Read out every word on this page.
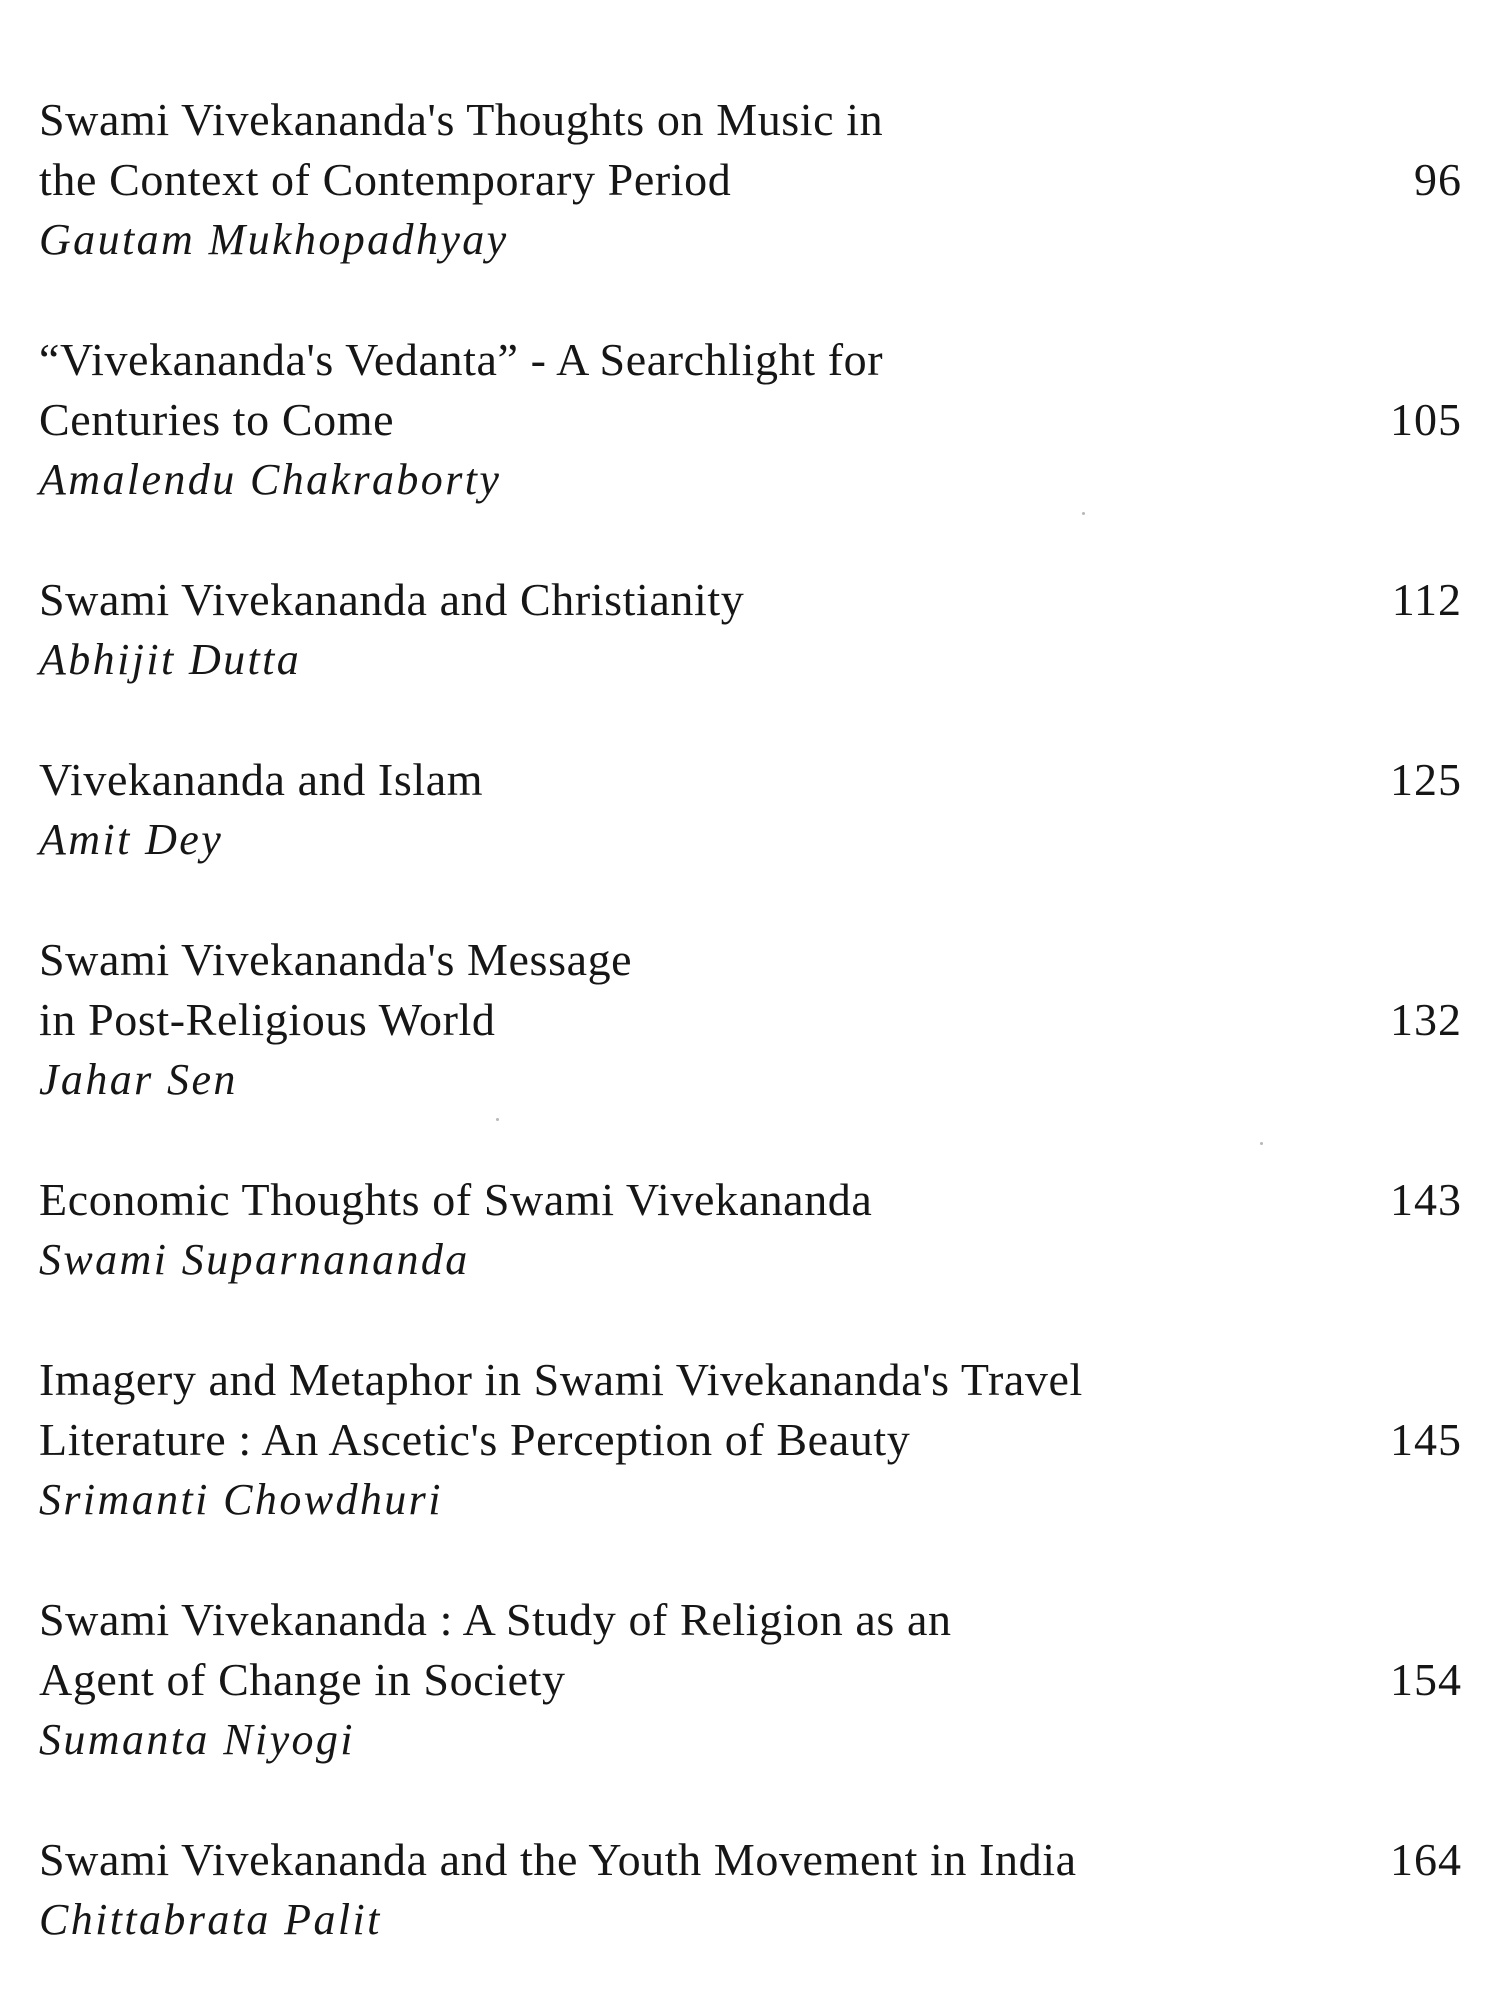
Swami Vivekananda's Thoughts on Music in
the Context of Contemporary Period	96
Gautam Mukhopadhyay
“Vivekananda's Vedanta” - A Searchlight for
Centuries to Come	105
Amalendu Chakraborty
Swami Vivekananda and Christianity	112
Abhijit Dutta
Vivekananda and Islam	125
Amit Dey
Swami Vivekananda's Message
in Post-Religious World	132
Jahar Sen
Economic Thoughts of Swami Vivekananda	143
Swami Suparnananda
Imagery and Metaphor in Swami Vivekananda's Travel
Literature : An Ascetic's Perception of Beauty	145
Srimanti Chowdhuri
Swami Vivekananda : A Study of Religion as an
Agent of Change in Society	154
Sumanta Niyogi
Swami Vivekananda and the Youth Movement in India	164
Chittabrata Palit
